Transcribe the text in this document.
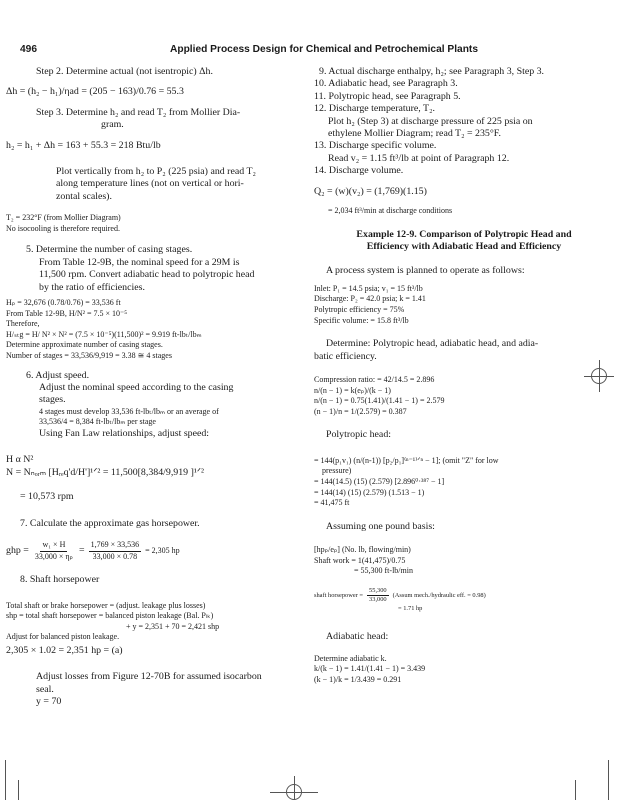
496	Applied Process Design for Chemical and Petrochemical Plants
Step 2. Determine actual (not isentropic) Δh.
Δh = (h₂ − h₁)/ηad = (205 − 163)/0.76 = 55.3
Step 3. Determine h₂ and read T₂ from Mollier Dia-
gram.
h₂ = h₁ + Δh = 163 + 55.3 = 218 Btu/lb
Plot vertically from h₂ to P₂ (225 psia) and read T₂
along temperature lines (not on vertical or hori-
zontal scales).
T₂ = 232°F (from Mollier Diagram)
No isocooling is therefore required.
5. Determine the number of casing stages.
From Table 12-9B, the nominal speed for a 29M is
11,500 rpm. Convert adiabatic head to polytropic head
by the ratio of efficiencies.
Hₚ = 32,676 (0.78/0.76) = 33,536 ft
From Table 12-9B, H/N² = 7.5 × 10⁻⁵
Therefore,
H/ₛₜg = H/ N² × N² = (7.5 × 10⁻⁵)(11,500)² = 9.919 ft-lbₜ/lbₘ
Determine approximate number of casing stages.
Number of stages = 33,536/9,919 = 3.38 ≅ 4 stages
6. Adjust speed.
Adjust the nominal speed according to the casing
stages.
4 stages must develop 33,536 ft-lbₜ/lbₘ or an average of
33,536/4 = 8,384 ft-lbₜ/lbₘ per stage
Using Fan Law relationships, adjust speed:
H α N²
N = Nₙₒᵣₘ [Hᵣₑq'd/H']¹ᐟ² = 11,500[8,384/9,919 ]¹ᐟ²
= 10,573 rpm
7. Calculate the approximate gas horsepower.
ghp = $\frac{\text{w₁ × H}}{\text{33,000 × ηₚ}} = \frac{1,769 \times 33,536}{33,000 \times 0.78} = 2,305$ hp
8. Shaft horsepower
Total shaft or brake horsepower = (adjust. leakage plus losses)
shp = total shaft horsepower = balanced piston leakage (Bal. Pₗₖ)
+ y = 2,351 + 70 = 2,421 shp
Adjust for balanced piston leakage.
2,305 × 1.02 = 2,351 hp = (a)
Adjust losses from Figure 12-70B for assumed isocarbon
seal.
y = 70
9. Actual discharge enthalpy, h₂; see Paragraph 3, Step 3.
10. Adiabatic head, see Paragraph 3.
11. Polytropic head, see Paragraph 5.
12. Discharge temperature, T₂.
Plot h₂ (Step 3) at discharge pressure of 225 psia on
ethylene Mollier Diagram; read T₂ = 235°F.
13. Discharge specific volume.
Read v₂ = 1.15 ft³/lb at point of Paragraph 12.
14. Discharge volume.
Q₂ = (w)(v₂) = (1,769)(1.15)
= 2,034 ft³/min at discharge conditions
Example 12-9. Comparison of Polytropic Head and
Efficiency with Adiabatic Head and Efficiency
A process system is planned to operate as follows:
Inlet: P₁ = 14.5 psia; v₁ = 15 ft³/lb
Discharge: P₂ = 42.0 psia; k = 1.41
Polytropic efficiency = 75%
Specific volume: = 15.8 ft³/lb
Determine: Polytropic head, adiabatic head, and adia-
batic efficiency.
Compression ratio: = 42/14.5 = 2.896
n/(n − 1) = k(eₚ)/(k − 1)
n/(n − 1) = 0.75(1.41)/(1.41 − 1) = 2.579
(n − 1)/n = 1/(2.579) = 0.387
Polytropic head:
= 144(p₁v₁) (n/(n-1)) [p₂/p₁]⁽ⁿ⁻¹⁾ᐟⁿ − 1]; (omit "Z" for low
pressure)
= 144(14.5) (15) (2.579) [2.896⁰·³⁸⁷ − 1]
= 144(14) (15) (2.579) (1.513 − 1)
= 41,475 ft
Assuming one pound basis:
[hpₚ/eₚ] (No. lb, flowing/min)
Shaft work = 1(41,475)/0.75
= 55,300 ft-lb/min
shaft horsepower = $\frac{55,300}{33,000}$ (Assum mech./hydraulic eff. = 0.98)
= 1.71 hp
Adiabatic head:
Determine adiabatic k.
k/(k − 1) = 1.41/(1.41 − 1) = 3.439
(k − 1)/k = 1/3.439 = 0.291
